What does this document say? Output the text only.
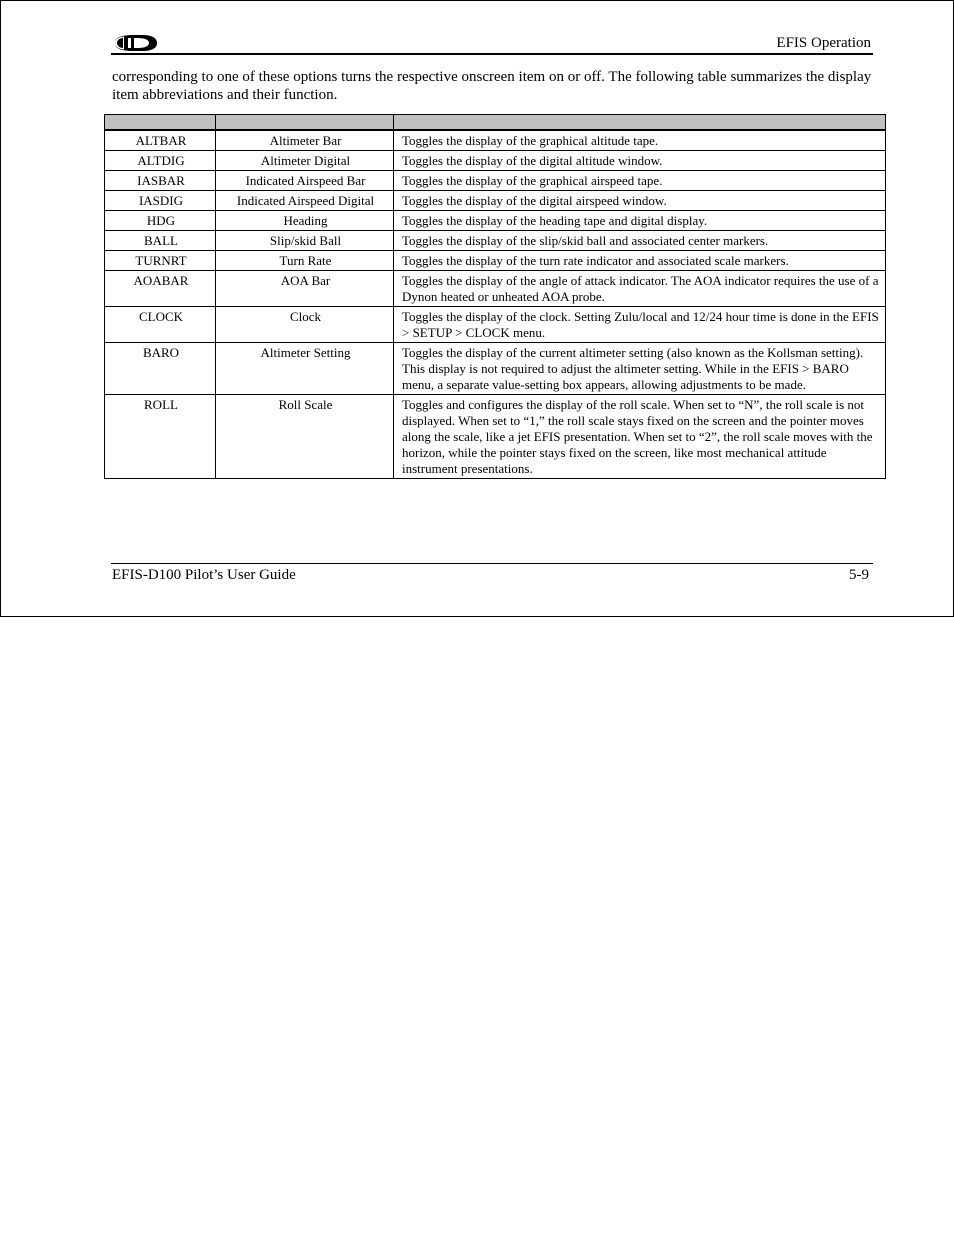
EFIS Operation
corresponding to one of these options turns the respective onscreen item on or off. The following table summarizes the display item abbreviations and their function.

ALTBAR	Altimeter Bar	Toggles the display of the graphical altitude tape.
ALTDIG	Altimeter Digital	Toggles the display of the digital altitude window.
IASBAR	Indicated Airspeed Bar	Toggles the display of the graphical airspeed tape.
IASDIG	Indicated Airspeed Digital	Toggles the display of the digital airspeed window.
HDG	Heading	Toggles the display of the heading tape and digital display.
BALL	Slip/skid Ball	Toggles the display of the slip/skid ball and associated center markers.
TURNRT	Turn Rate	Toggles the display of the turn rate indicator and associated scale markers.
AOABAR	AOA Bar	Toggles the display of the angle of attack indicator. The AOA indicator requires the use of a Dynon heated or unheated AOA probe.
CLOCK	Clock	Toggles the display of the clock. Setting Zulu/local and 12/24 hour time is done in the EFIS > SETUP > CLOCK menu.
BARO	Altimeter Setting	Toggles the display of the current altimeter setting (also known as the Kollsman setting). This display is not required to adjust the altimeter setting. While in the EFIS > BARO menu, a separate value-setting box appears, allowing adjustments to be made.
ROLL	Roll Scale	Toggles and configures the display of the roll scale. When set to “N”, the roll scale is not displayed. When set to “1,” the roll scale stays fixed on the screen and the pointer moves along the scale, like a jet EFIS presentation. When set to “2”, the roll scale moves with the horizon, while the pointer stays fixed on the screen, like most mechanical attitude instrument presentations.
EFIS-D100 Pilot’s User Guide	5-9
